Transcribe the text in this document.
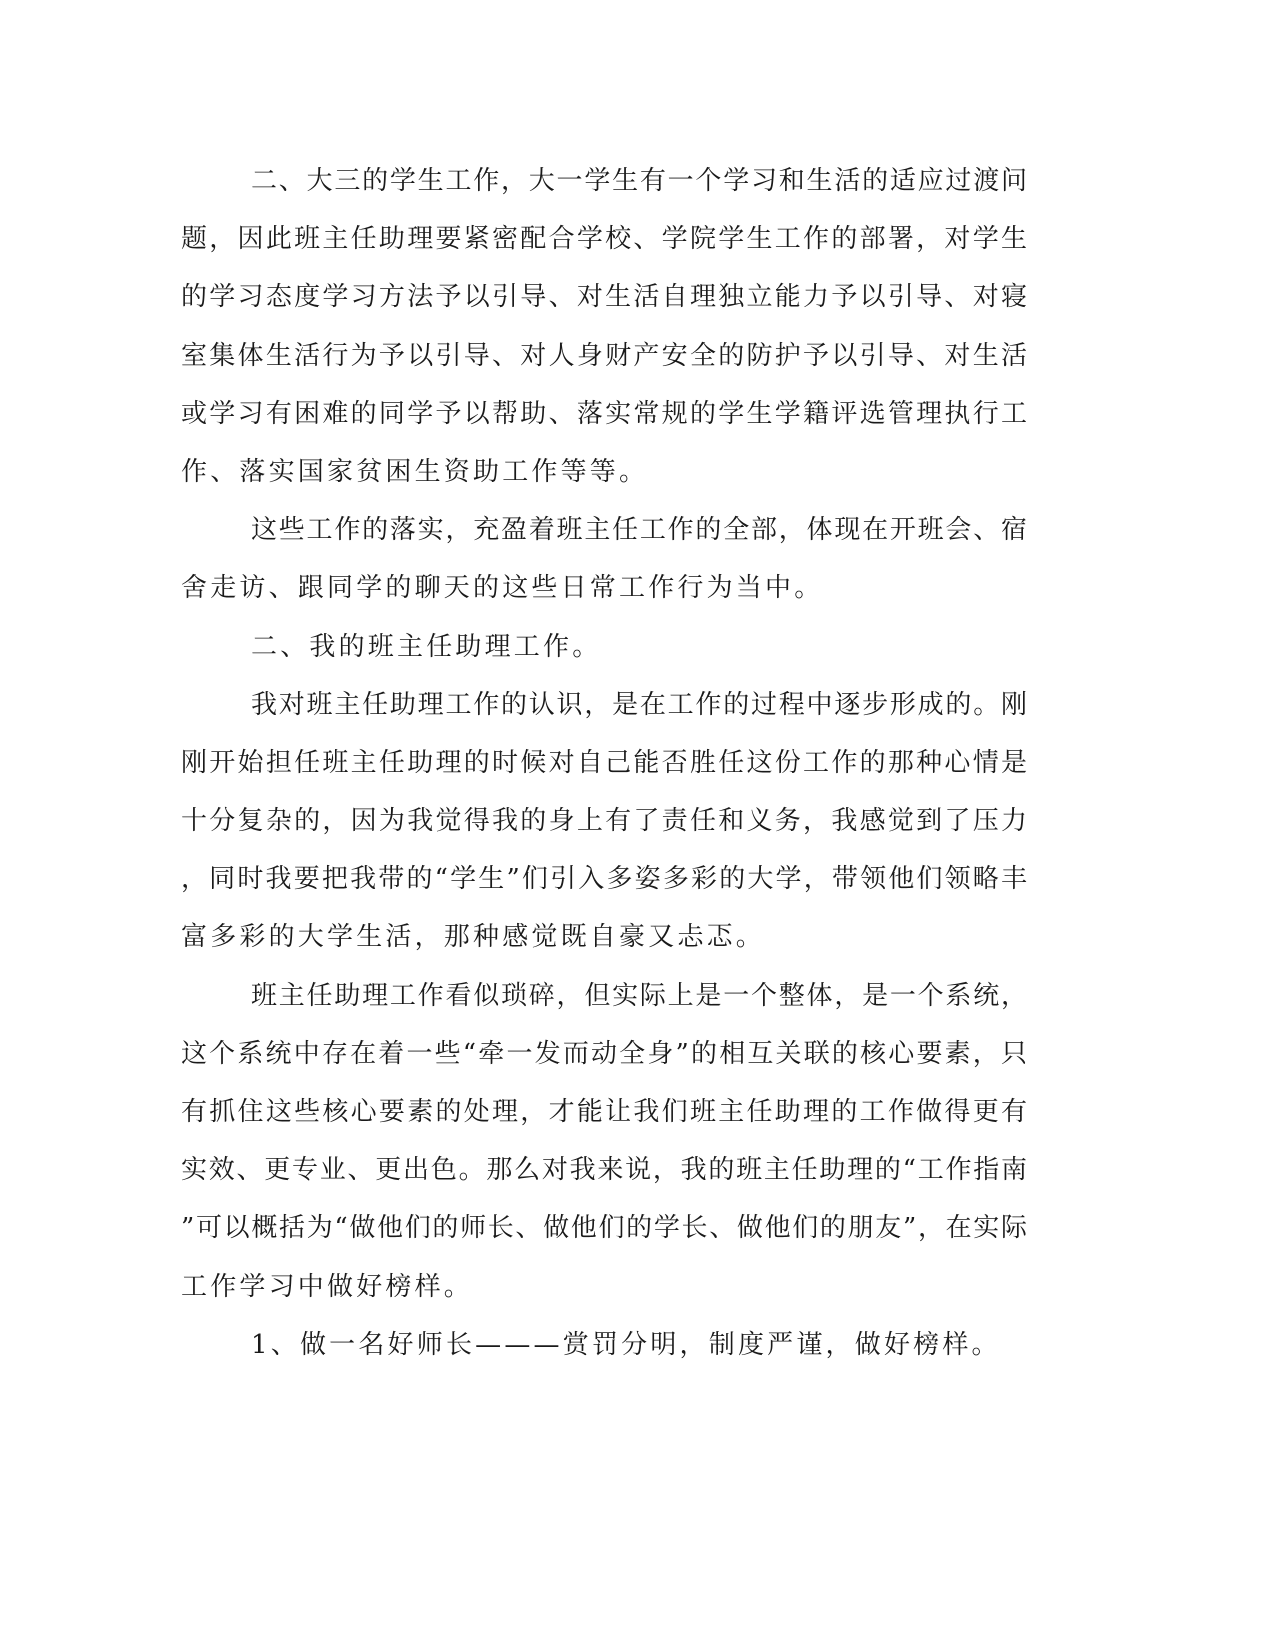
二、大三的学生工作，大一学生有一个学习和生活的适应过渡问
题，因此班主任助理要紧密配合学校、学院学生工作的部署，对学生
的学习态度学习方法予以引导、对生活自理独立能力予以引导、对寝
室集体生活行为予以引导、对人身财产安全的防护予以引导、对生活
或学习有困难的同学予以帮助、落实常规的学生学籍评选管理执行工
作、落实国家贫困生资助工作等等。
这些工作的落实，充盈着班主任工作的全部，体现在开班会、宿
舍走访、跟同学的聊天的这些日常工作行为当中。
二、我的班主任助理工作。
我对班主任助理工作的认识，是在工作的过程中逐步形成的。刚
刚开始担任班主任助理的时候对自己能否胜任这份工作的那种心情是
十分复杂的，因为我觉得我的身上有了责任和义务，我感觉到了压力
，同时我要把我带的“学生”们引入多姿多彩的大学，带领他们领略丰
富多彩的大学生活，那种感觉既自豪又忐忑。
班主任助理工作看似琐碎，但实际上是一个整体，是一个系统，
这个系统中存在着一些“牵一发而动全身”的相互关联的核心要素，只
有抓住这些核心要素的处理，才能让我们班主任助理的工作做得更有
实效、更专业、更出色。那么对我来说，我的班主任助理的“工作指南
”可以概括为“做他们的师长、做他们的学长、做他们的朋友”，在实际
工作学习中做好榜样。
1、做一名好师长———赏罚分明，制度严谨，做好榜样。
